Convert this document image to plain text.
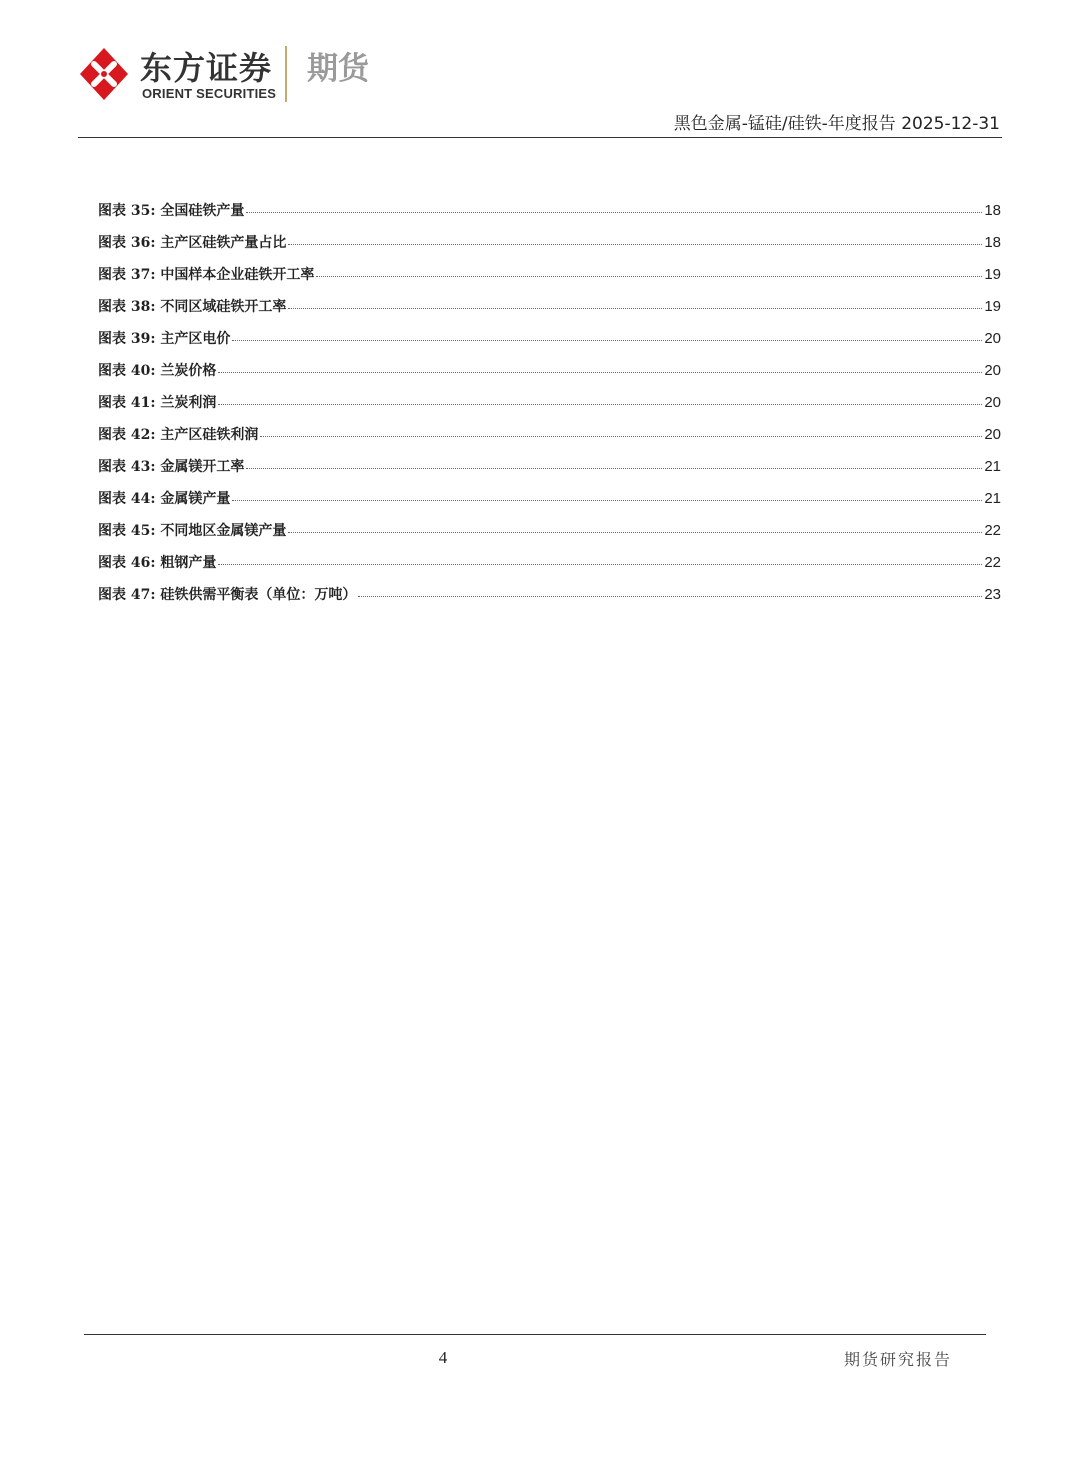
东方证券
ORIENT SECURITIES
期货
黑色金属-锰硅/硅铁-年度报告 2025-12-31
图表 35: 全国硅铁产量	18
图表 36: 主产区硅铁产量占比	18
图表 37: 中国样本企业硅铁开工率	19
图表 38: 不同区域硅铁开工率	19
图表 39: 主产区电价	20
图表 40: 兰炭价格	20
图表 41: 兰炭利润	20
图表 42: 主产区硅铁利润	20
图表 43: 金属镁开工率	21
图表 44: 金属镁产量	21
图表 45: 不同地区金属镁产量	22
图表 46: 粗钢产量	22
图表 47: 硅铁供需平衡表（单位：万吨）	23
4	期货研究报告
